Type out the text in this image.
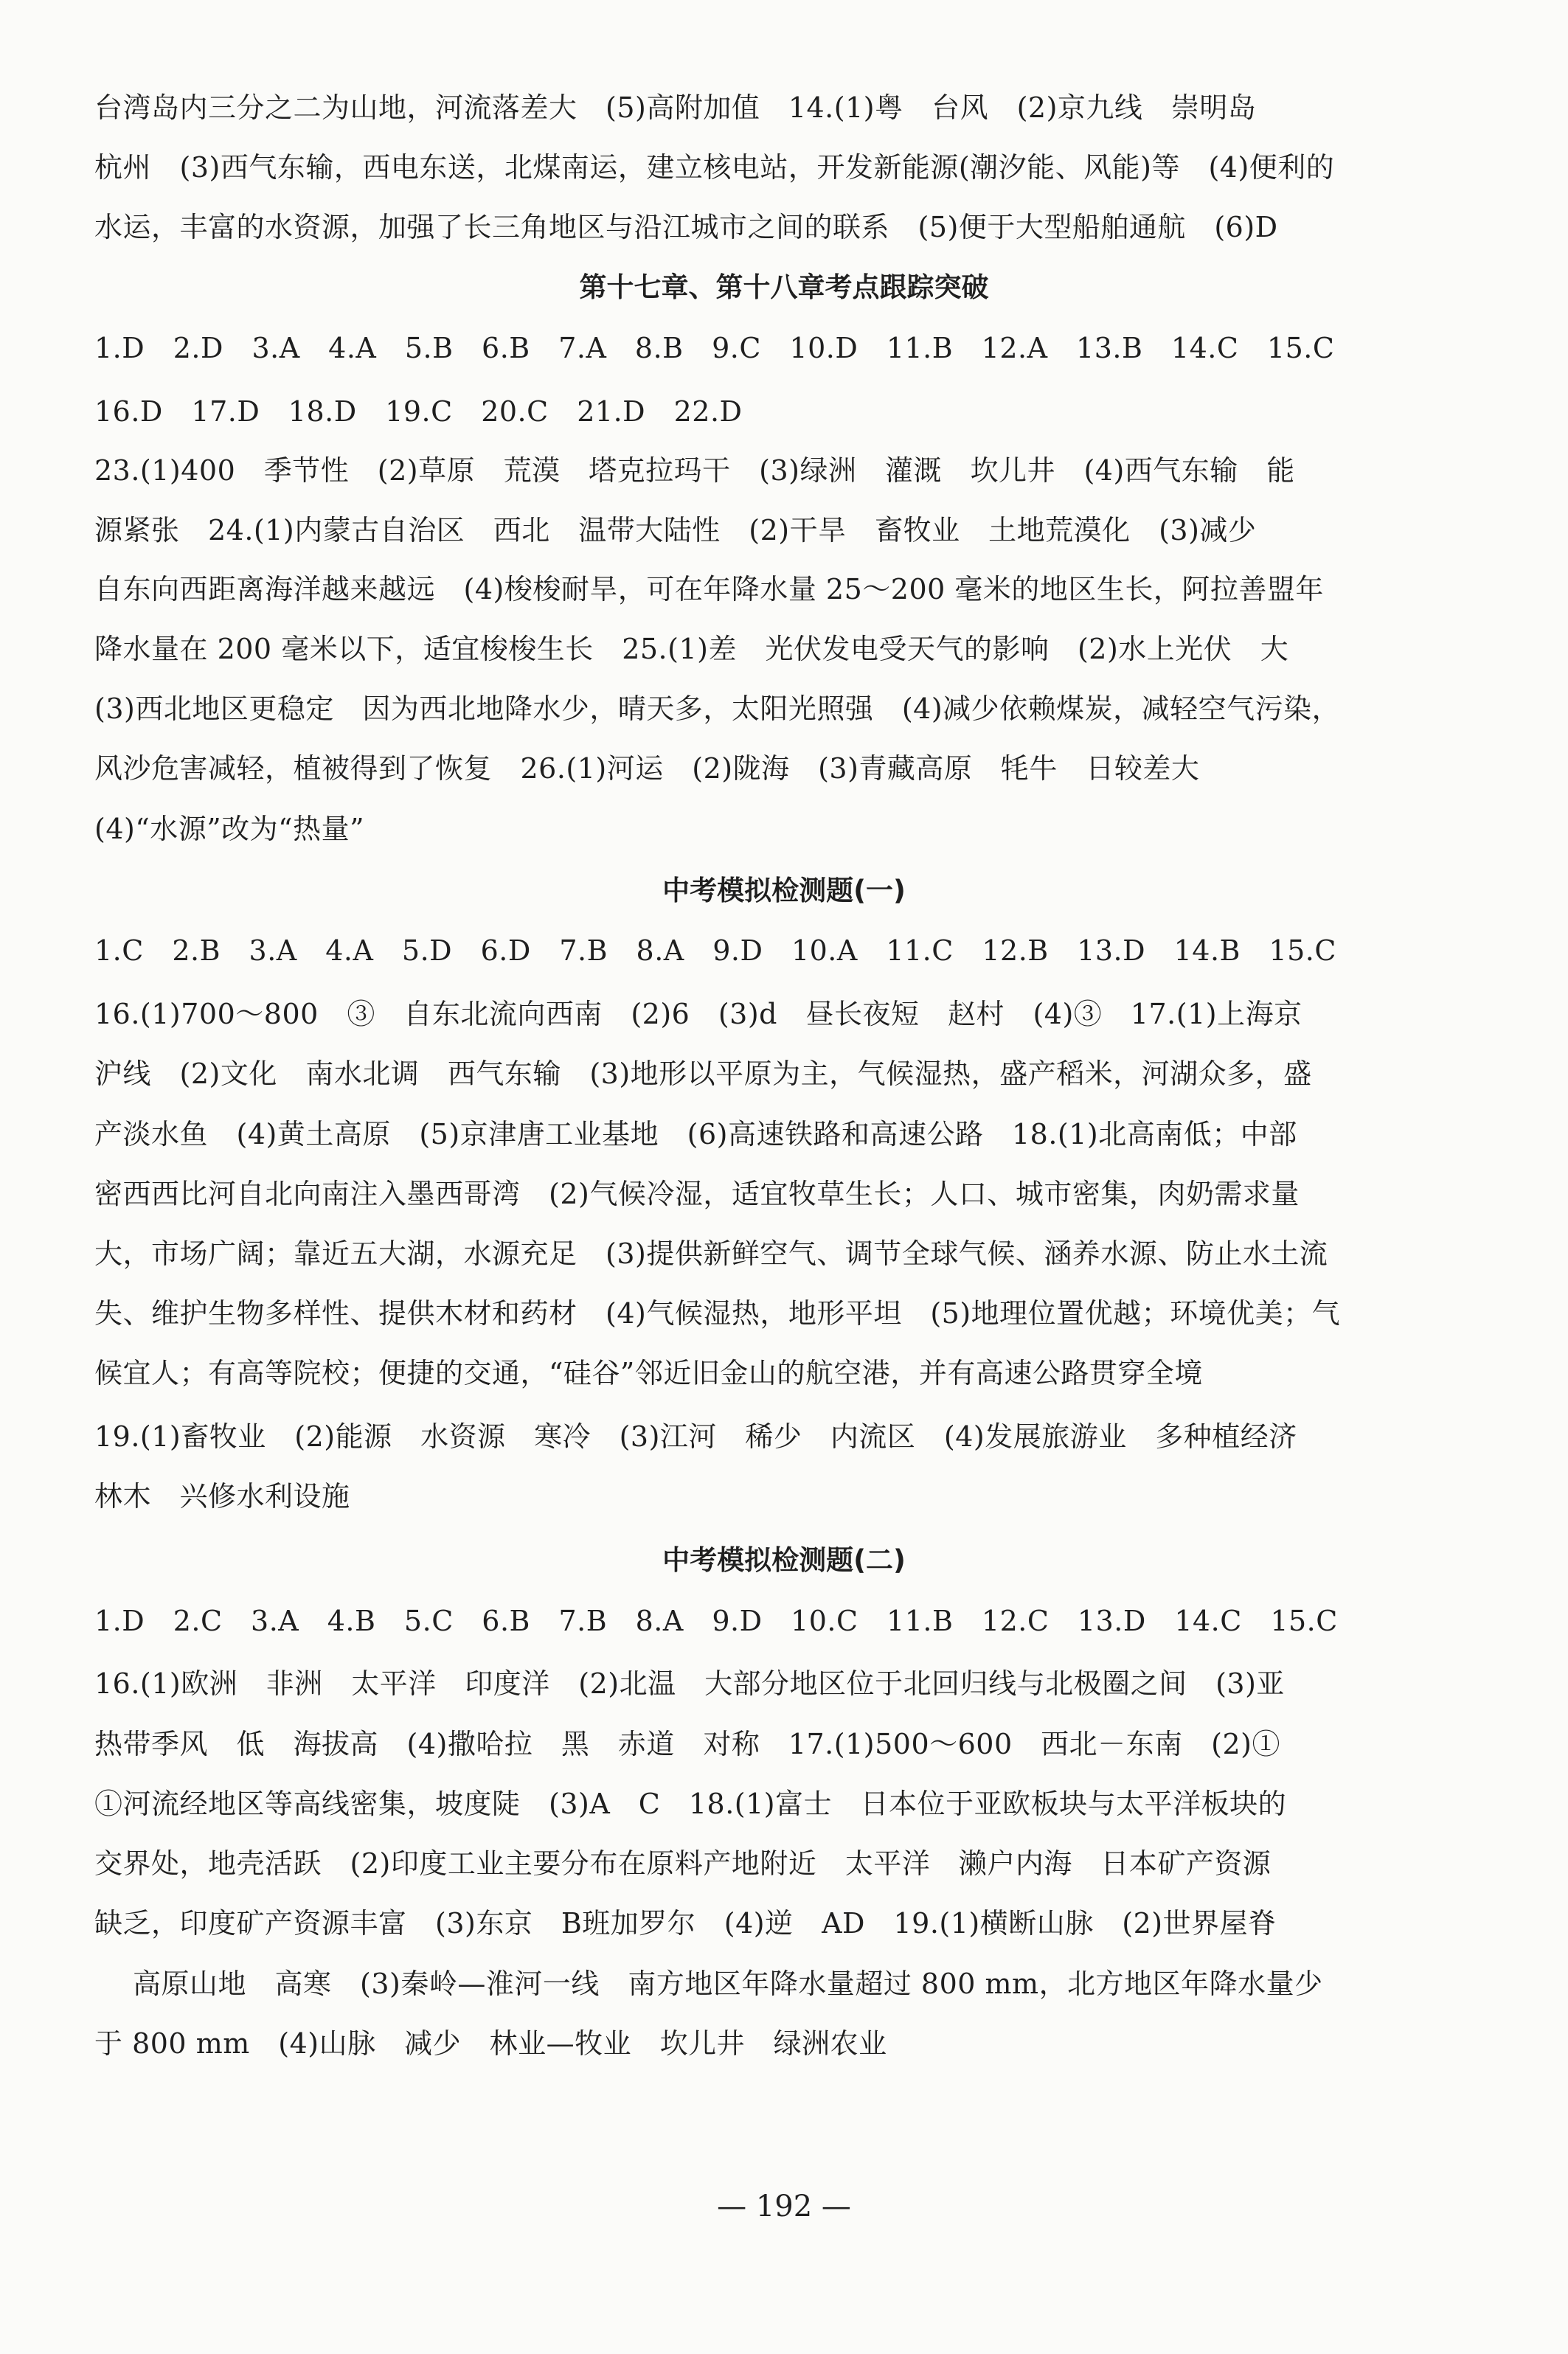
台湾岛内三分之二为山地，河流落差大　(5)高附加值　14.(1)粤　台风　(2)京九线　崇明岛
杭州　(3)西气东输，西电东送，北煤南运，建立核电站，开发新能源(潮汐能、风能)等　(4)便利的
水运，丰富的水资源，加强了长三角地区与沿江城市之间的联系　(5)便于大型船舶通航　(6)D
第十七章、第十八章考点跟踪突破
1.D　2.D　3.A　4.A　5.B　6.B　7.A　8.B　9.C　10.D　11.B　12.A　13.B　14.C　15.C
16.D　17.D　18.D　19.C　20.C　21.D　22.D
23.(1)400　季节性　(2)草原　荒漠　塔克拉玛干　(3)绿洲　灌溉　坎儿井　(4)西气东输　能
源紧张　24.(1)内蒙古自治区　西北　温带大陆性　(2)干旱　畜牧业　土地荒漠化　(3)减少
自东向西距离海洋越来越远　(4)梭梭耐旱，可在年降水量 25～200 毫米的地区生长，阿拉善盟年
降水量在 200 毫米以下，适宜梭梭生长　25.(1)差　光伏发电受天气的影响　(2)水上光伏　大
(3)西北地区更稳定　因为西北地降水少，晴天多，太阳光照强　(4)减少依赖煤炭，减轻空气污染，
风沙危害减轻，植被得到了恢复　26.(1)河运　(2)陇海　(3)青藏高原　牦牛　日较差大
(4)“水源”改为“热量”
中考模拟检测题(一)
1.C　2.B　3.A　4.A　5.D　6.D　7.B　8.A　9.D　10.A　11.C　12.B　13.D　14.B　15.C
16.(1)700～800　③　自东北流向西南　(2)6　(3)d　昼长夜短　赵村　(4)③　17.(1)上海京
沪线　(2)文化　南水北调　西气东输　(3)地形以平原为主，气候湿热，盛产稻米，河湖众多，盛
产淡水鱼　(4)黄土高原　(5)京津唐工业基地　(6)高速铁路和高速公路　18.(1)北高南低；中部
密西西比河自北向南注入墨西哥湾　(2)气候冷湿，适宜牧草生长；人口、城市密集，肉奶需求量
大，市场广阔；靠近五大湖，水源充足　(3)提供新鲜空气、调节全球气候、涵养水源、防止水土流
失、维护生物多样性、提供木材和药材　(4)气候湿热，地形平坦　(5)地理位置优越；环境优美；气
候宜人；有高等院校；便捷的交通，“硅谷”邻近旧金山的航空港，并有高速公路贯穿全境
19.(1)畜牧业　(2)能源　水资源　寒冷　(3)江河　稀少　内流区　(4)发展旅游业　多种植经济
林木　兴修水利设施
中考模拟检测题(二)
1.D　2.C　3.A　4.B　5.C　6.B　7.B　8.A　9.D　10.C　11.B　12.C　13.D　14.C　15.C
16.(1)欧洲　非洲　太平洋　印度洋　(2)北温　大部分地区位于北回归线与北极圈之间　(3)亚
热带季风　低　海拔高　(4)撒哈拉　黑　赤道　对称　17.(1)500～600　西北－东南　(2)①
①河流经地区等高线密集，坡度陡　(3)A　C　18.(1)富士　日本位于亚欧板块与太平洋板块的
交界处，地壳活跃　(2)印度工业主要分布在原料产地附近　太平洋　濑户内海　日本矿产资源
缺乏，印度矿产资源丰富　(3)东京　B班加罗尔　(4)逆　AD　19.(1)横断山脉　(2)世界屋脊
高原山地　高寒　(3)秦岭—淮河一线　南方地区年降水量超过 800 mm，北方地区年降水量少
于 800 mm　(4)山脉　减少　林业—牧业　坎儿井　绿洲农业
— 192 —
